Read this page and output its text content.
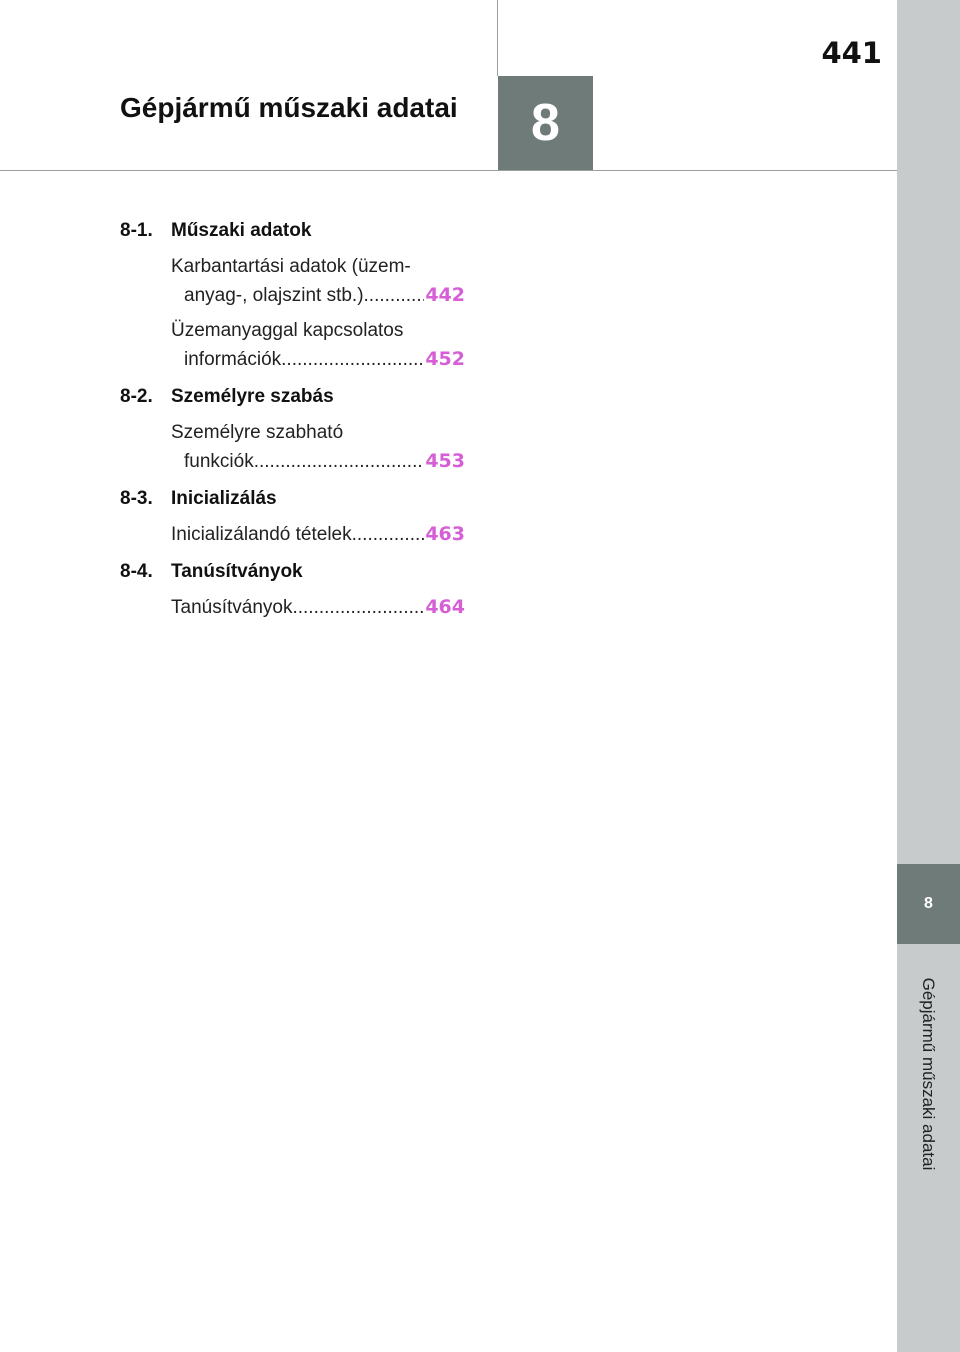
Gépjármű műszaki adatai 8
441
8
Gépjármű műszaki adatai
8-1. Műszaki adatok
Karbantartási adatok (üzem-
anyag-, olajszint stb.) .....	442
Üzemanyaggal kapcsolatos
információk .....	452
8-2. Személyre szabás
Személyre szabható
funkciók .....	453
8-3. Inicializálás
Inicializálandó tételek .....	463
8-4. Tanúsítványok
Tanúsítványok .....	464
